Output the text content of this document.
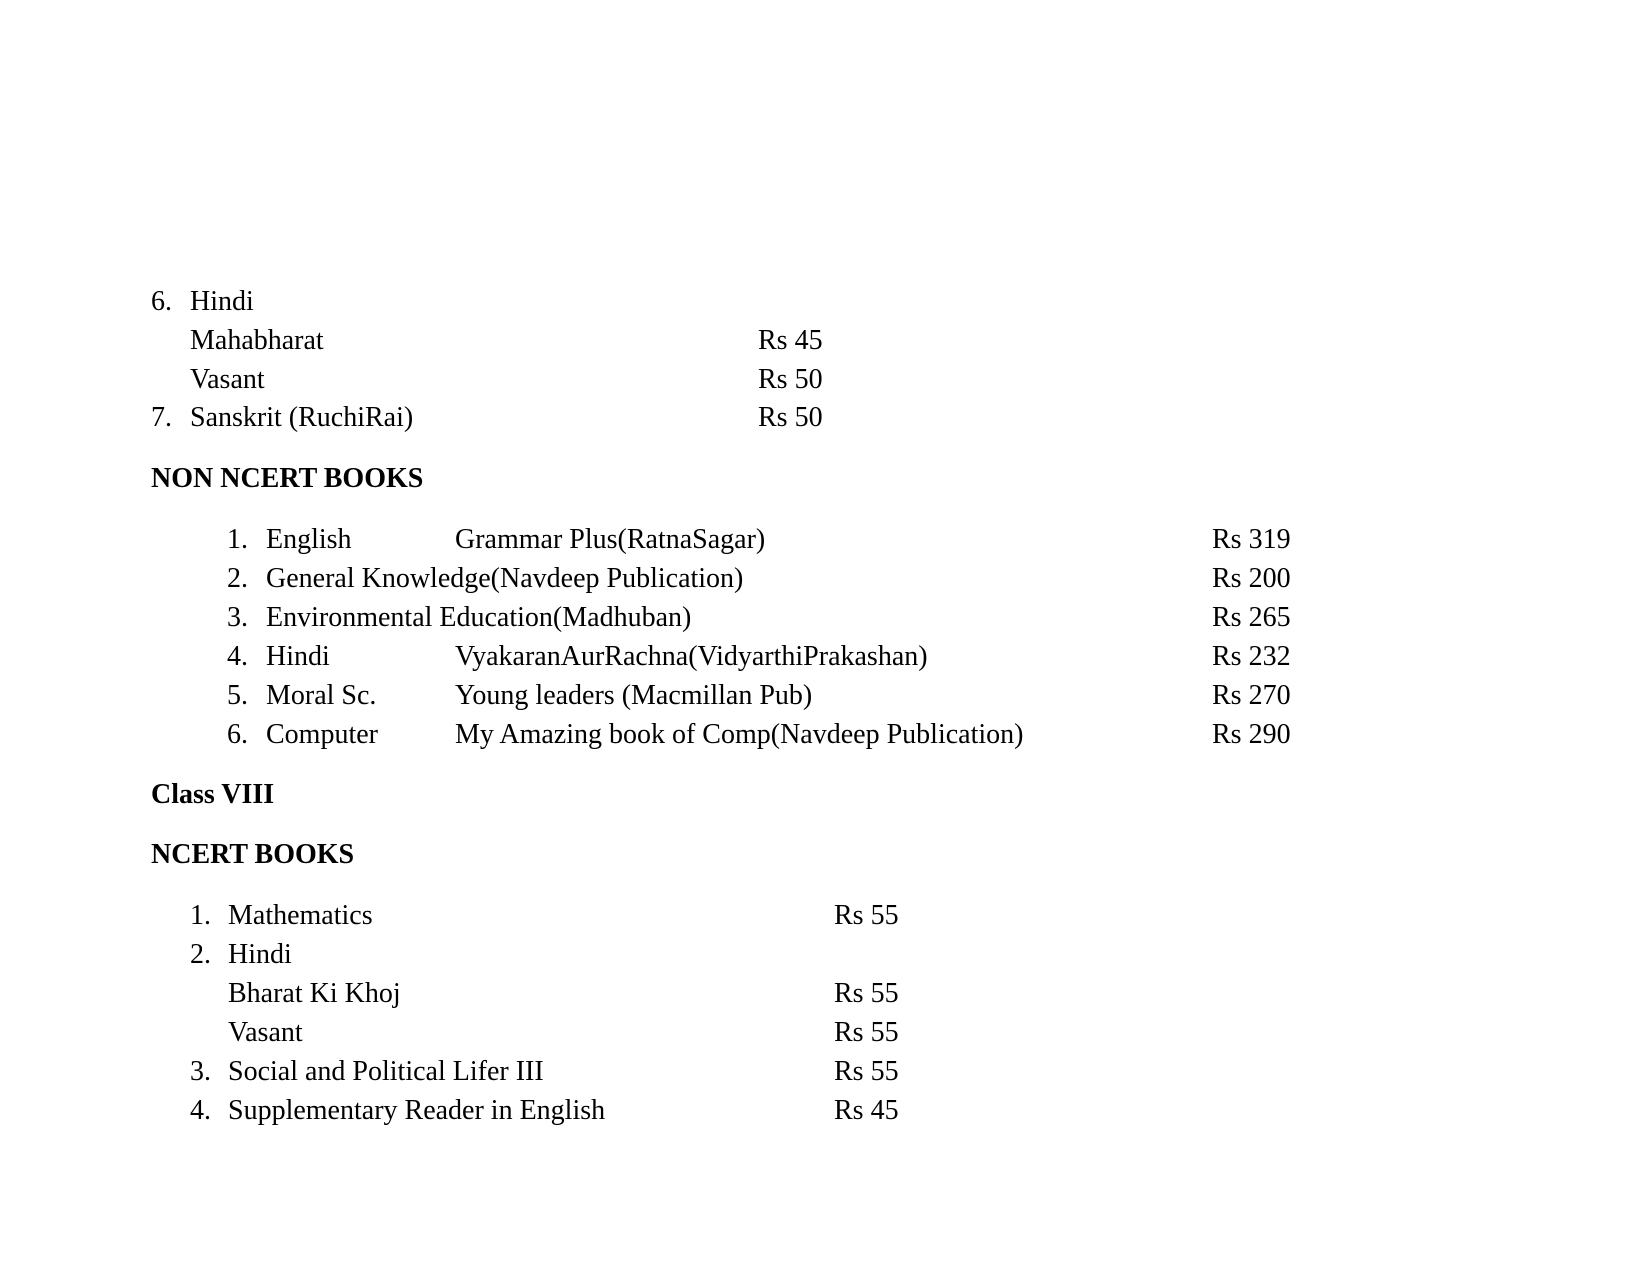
6. Hindi
Mahabharat	Rs 45
Vasant	Rs 50
7. Sanskrit (RuchiRai)	Rs 50
NON NCERT BOOKS
1. English	Grammar Plus(RatnaSagar)	Rs 319
2. General Knowledge(Navdeep Publication)	Rs 200
3. Environmental Education(Madhuban)	Rs 265
4. Hindi	VyakaranAurRachna(VidyarthiPrakashan)	Rs 232
5. Moral Sc.	Young leaders (Macmillan Pub)	Rs 270
6. Computer	My Amazing book of Comp(Navdeep Publication)	Rs 290
Class VIII
NCERT BOOKS
1. Mathematics	Rs 55
2. Hindi
Bharat Ki Khoj	Rs 55
Vasant	Rs 55
3. Social and Political Lifer III	Rs 55
4. Supplementary Reader in English	Rs 45
